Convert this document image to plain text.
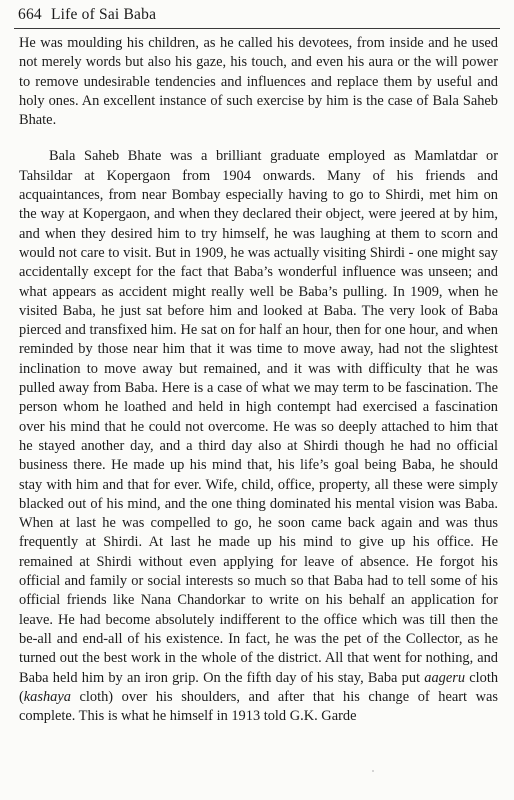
664 Life of Sai Baba

He was moulding his children, as he called his devotees, from inside and he used not merely words but also his gaze, his touch, and even his aura or the will power to remove undesirable tendencies and influences and replace them by useful and holy ones. An excellent instance of such exercise by him is the case of Bala Saheb Bhate.

Bala Saheb Bhate was a brilliant graduate employed as Mamlatdar or Tahsildar at Kopergaon from 1904 onwards. Many of his friends and acquaintances, from near Bombay especially having to go to Shirdi, met him on the way at Kopergaon, and when they declared their object, were jeered at by him, and when they desired him to try himself, he was laughing at them to scorn and would not care to visit. But in 1909, he was actually visiting Shirdi - one might say accidentally except for the fact that Baba’s wonderful influence was unseen; and what appears as accident might really well be Baba’s pulling. In 1909, when he visited Baba, he just sat before him and looked at Baba. The very look of Baba pierced and transfixed him. He sat on for half an hour, then for one hour, and when reminded by those near him that it was time to move away, had not the slightest inclination to move away but remained, and it was with difficulty that he was pulled away from Baba. Here is a case of what we may term to be fascination. The person whom he loathed and held in high contempt had exercised a fascination over his mind that he could not overcome. He was so deeply attached to him that he stayed another day, and a third day also at Shirdi though he had no official business there. He made up his mind that, his life’s goal being Baba, he should stay with him and that for ever. Wife, child, office, property, all these were simply blacked out of his mind, and the one thing dominated his mental vision was Baba. When at last he was compelled to go, he soon came back again and was thus frequently at Shirdi. At last he made up his mind to give up his office. He remained at Shirdi without even applying for leave of absence. He forgot his official and family or social interests so much so that Baba had to tell some of his official friends like Nana Chandorkar to write on his behalf an application for leave. He had become absolutely indifferent to the office which was till then the be-all and end-all of his existence. In fact, he was the pet of the Collector, as he turned out the best work in the whole of the district. All that went for nothing, and Baba held him by an iron grip. On the fifth day of his stay, Baba put aageru cloth (kashaya cloth) over his shoulders, and after that his change of heart was complete. This is what he himself in 1913 told G.K. Garde
